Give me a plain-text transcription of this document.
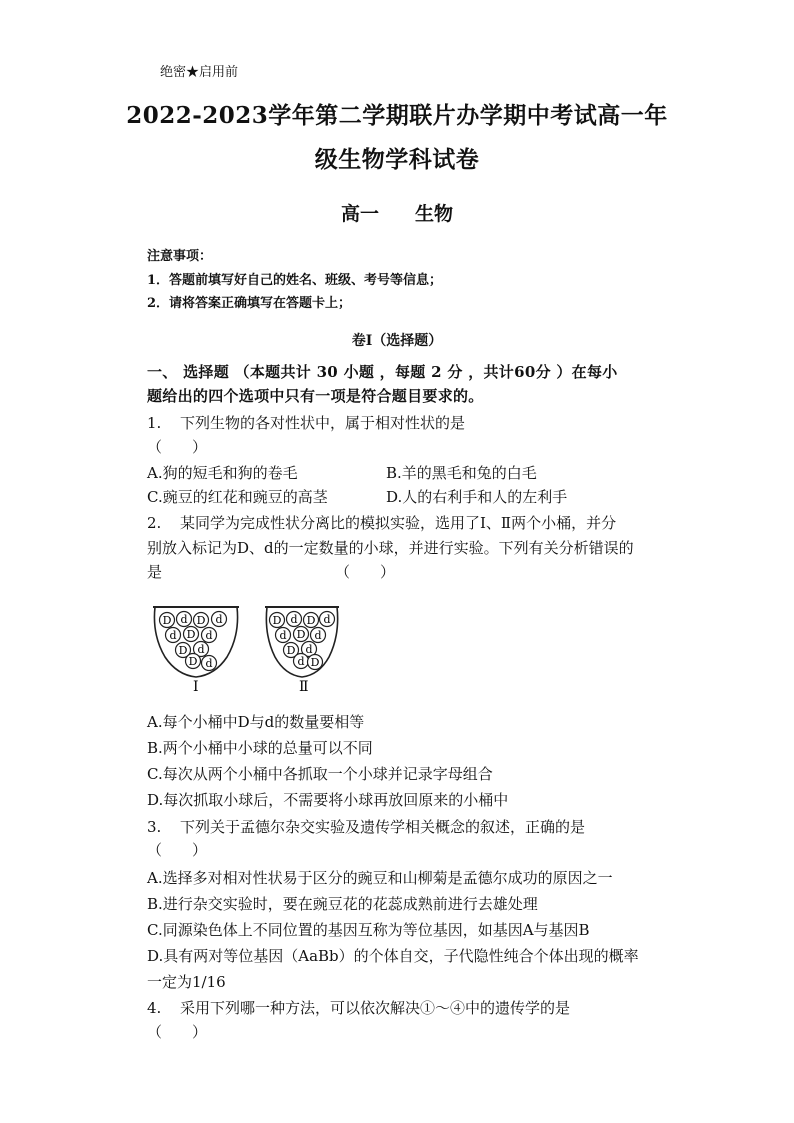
绝密★启用前
2022-2023学年第二学期联片办学期中考试高一年
级生物学科试卷
高一 生物
注意事项：
1．答题前填写好自己的姓名、班级、考号等信息；
2．请将答案正确填写在答题卡上；
卷I（选择题）
一、 选择题 （本题共计 30 小题 ，每题 2 分 ，共计60分 ）在每小
题给出的四个选项中只有一项是符合题目要求的。
1. 下列生物的各对性状中，属于相对性状的是
（　　）
A.狗的短毛和狗的卷毛	B.羊的黑毛和兔的白毛
C.豌豆的红花和豌豆的高茎	D.人的右利手和人的左利手
2. 某同学为完成性状分离比的模拟实验，选用了Ⅰ、Ⅱ两个小桶，并分
别放入标记为D、d的一定数量的小球，并进行实验。下列有关分析错误的
是	（　　）
D d D d
d D d
D d
D d
D d D d
d D d
D d
d D
Ⅰ	Ⅱ
A.每个小桶中D与d的数量要相等
B.两个小桶中小球的总量可以不同
C.每次从两个小桶中各抓取一个小球并记录字母组合
D.每次抓取小球后，不需要将小球再放回原来的小桶中
3. 下列关于孟德尔杂交实验及遗传学相关概念的叙述，正确的是
（　　）
A.选择多对相对性状易于区分的豌豆和山柳菊是孟德尔成功的原因之一
B.进行杂交实验时，要在豌豆花的花蕊成熟前进行去雄处理
C.同源染色体上不同位置的基因互称为等位基因，如基因A与基因B
D.具有两对等位基因（AaBb）的个体自交，子代隐性纯合个体出现的概率
一定为1/16
4. 采用下列哪一种方法，可以依次解决①～④中的遗传学的是
（　　）
